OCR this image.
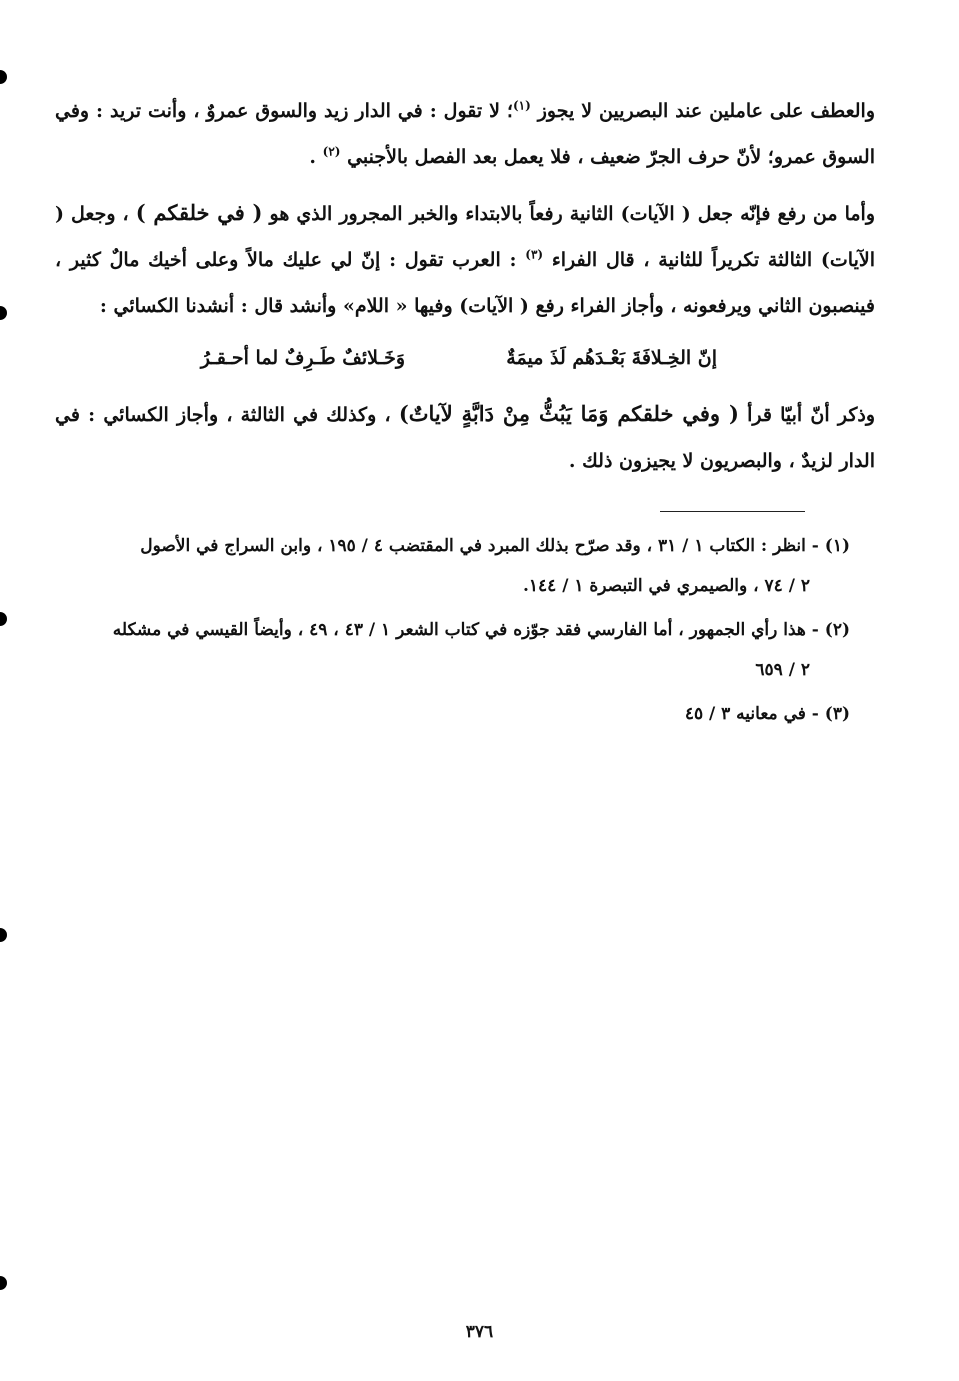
والعطف على عاملين عند البصريين لا يجوز $^{(١)}$؛ لا تقول : في الدار زيد والسوق عمروٌ ، وأنت تريد : وفي السوق عمرو؛ لأنّ حرف الجرّ ضعيف ، فلا يعمل بعد الفصل بالأجنبي $^{(٢)}$ .

وأما من رفع فإنّه جعل ( الآيات) الثانية رفعاً بالابتداء والخبر المجرور الذي هو ( في خلقكم ) ، وجعل ( الآيات) الثالثة تكريراً للثانية ، قال الفراء $^{(٣)}$ : العرب تقول : إنّ لي عليك مالاً وعلى أخيك مالٌ كثير ، فينصبون الثاني ويرفعونه ، وأجاز الفراء رفع ( الآيات) وفيها « اللام» وأنشد قال : أنشدنا الكسائي :

إنّ الخِـلافَةَ بَعْـدَهُم لَذَ ميمَةٌ
وَخَـلائفٌ طَـرِفٌ لما أحـقـرُ

وذكر أنّ أبيّا قرأ ( وفي خلقكم وَمَا يَبُثُّ مِنْ دَابَّةٍ لآياتٌ) ، وكذلك في الثالثة ، وأجاز الكسائي : في الدار لزيدٌ ، والبصريون لا يجيزون ذلك .

(١) - انظر : الكتاب ١ / ٣١ ، وقد صرّح بذلك المبرد في المقتضب ٤ / ١٩٥ ، وابن السراج في الأصول
٢ / ٧٤ ، والصيمري في التبصرة ١ / ١٤٤.
(٢) - هذا رأي الجمهور ، أما الفارسي فقد جوّزه في كتاب الشعر ١ / ٤٣ ، ٤٩ ، وأيضاً القيسي في مشكله
٢ / ٦٥٩
(٣) - في معانيه ٣ / ٤٥
٣٧٦
